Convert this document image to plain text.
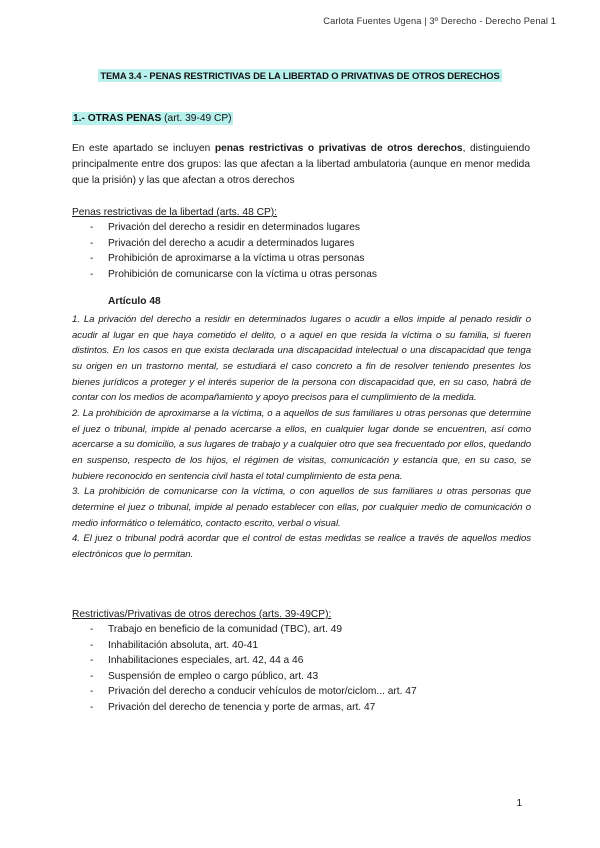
Carlota Fuentes Ugena | 3º Derecho - Derecho Penal 1
TEMA 3.4 - PENAS RESTRICTIVAS DE LA LIBERTAD O PRIVATIVAS DE OTROS DERECHOS
1.- OTRAS PENAS (art. 39-49 CP)

En este apartado se incluyen penas restrictivas o privativas de otros derechos, distinguiendo principalmente entre dos grupos: las que afectan a la libertad ambulatoria (aunque en menor medida que la prisión) y las que afectan a otros derechos

Penas restrictivas de la libertad (arts. 48 CP):
- Privación del derecho a residir en determinados lugares
- Privación del derecho a acudir a determinados lugares
- Prohibición de aproximarse a la víctima u otras personas
- Prohibición de comunicarse con la víctima u otras personas
Artículo 48

1. La privación del derecho a residir en determinados lugares o acudir a ellos impide al penado residir o acudir al lugar en que haya cometido el delito, o a aquel en que resida la víctima o su familia, si fueren distintos. En los casos en que exista declarada una discapacidad intelectual o una discapacidad que tenga su origen en un trastorno mental, se estudiará el caso concreto a fin de resolver teniendo presentes los bienes jurídicos a proteger y el interés superior de la persona con discapacidad que, en su caso, habrá de contar con los medios de acompañamiento y apoyo precisos para el cumplimiento de la medida.

2. La prohibición de aproximarse a la víctima, o a aquellos de sus familiares u otras personas que determine el juez o tribunal, impide al penado acercarse a ellos, en cualquier lugar donde se encuentren, así como acercarse a su domicilio, a sus lugares de trabajo y a cualquier otro que sea frecuentado por ellos, quedando en suspenso, respecto de los hijos, el régimen de visitas, comunicación y estancia que, en su caso, se hubiere reconocido en sentencia civil hasta el total cumplimiento de esta pena.

3. La prohibición de comunicarse con la víctima, o con aquellos de sus familiares u otras personas que determine el juez o tribunal, impide al penado establecer con ellas, por cualquier medio de comunicación o medio informático o telemático, contacto escrito, verbal o visual.

4. El juez o tribunal podrá acordar que el control de estas medidas se realice a través de aquellos medios electrónicos que lo permitan.

Restrictivas/Privativas de otros derechos (arts. 39-49CP):
- Trabajo en beneficio de la comunidad (TBC), art. 49
- Inhabilitación absoluta, art. 40-41
- Inhabilitaciones especiales, art. 42, 44 a 46
- Suspensión de empleo o cargo público, art. 43
- Privación del derecho a conducir vehículos de motor/ciclom... art. 47
- Privación del derecho de tenencia y porte de armas, art. 47
1
